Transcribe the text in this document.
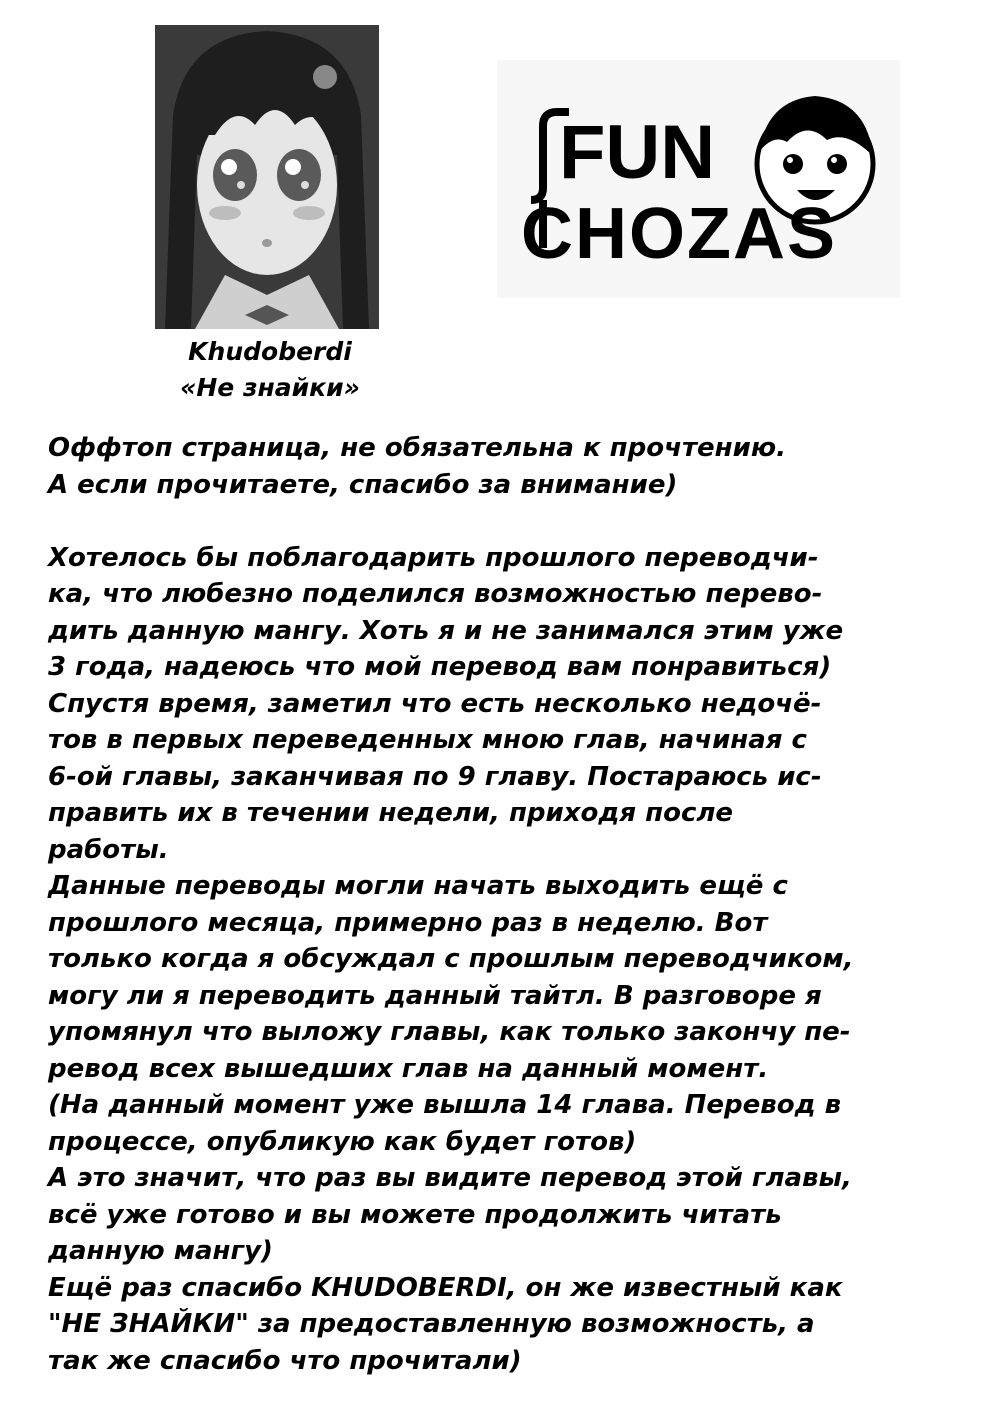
Khudoberdi
«Не знайки»
FUN
CHOZAS
Оффтоп страница, не обязательна к прочтению.
А если прочитаете, спасибо за внимание)
Хотелось бы поблагодарить прошлого переводчи-
ка, что любезно поделился возможностью перево-
дить данную мангу. Хоть я и не занимался этим уже
3 года, надеюсь что мой перевод вам понравиться)
Спустя время, заметил что есть несколько недочё-
тов в первых переведенных мною глав, начиная с
6-ой главы, заканчивая по 9 главу. Постараюсь ис-
править их в течении недели, приходя после
работы.
Данные переводы могли начать выходить ещё с
прошлого месяца, примерно раз в неделю. Вот
только когда я обсуждал с прошлым переводчиком,
могу ли я переводить данный тайтл. В разговоре я
упомянул что выложу главы, как только закончу пе-
ревод всех вышедших глав на данный момент.
(На данный момент уже вышла 14 глава. Перевод в
процессе, опубликую как будет готов)
А это значит, что раз вы видите перевод этой главы,
всё уже готово и вы можете продолжить читать
данную мангу)
Ещё раз спасибо KHUDOBERDI, он же известный как
"НЕ ЗНАЙКИ" за предоставленную возможность, а
так же спасибо что прочитали)
